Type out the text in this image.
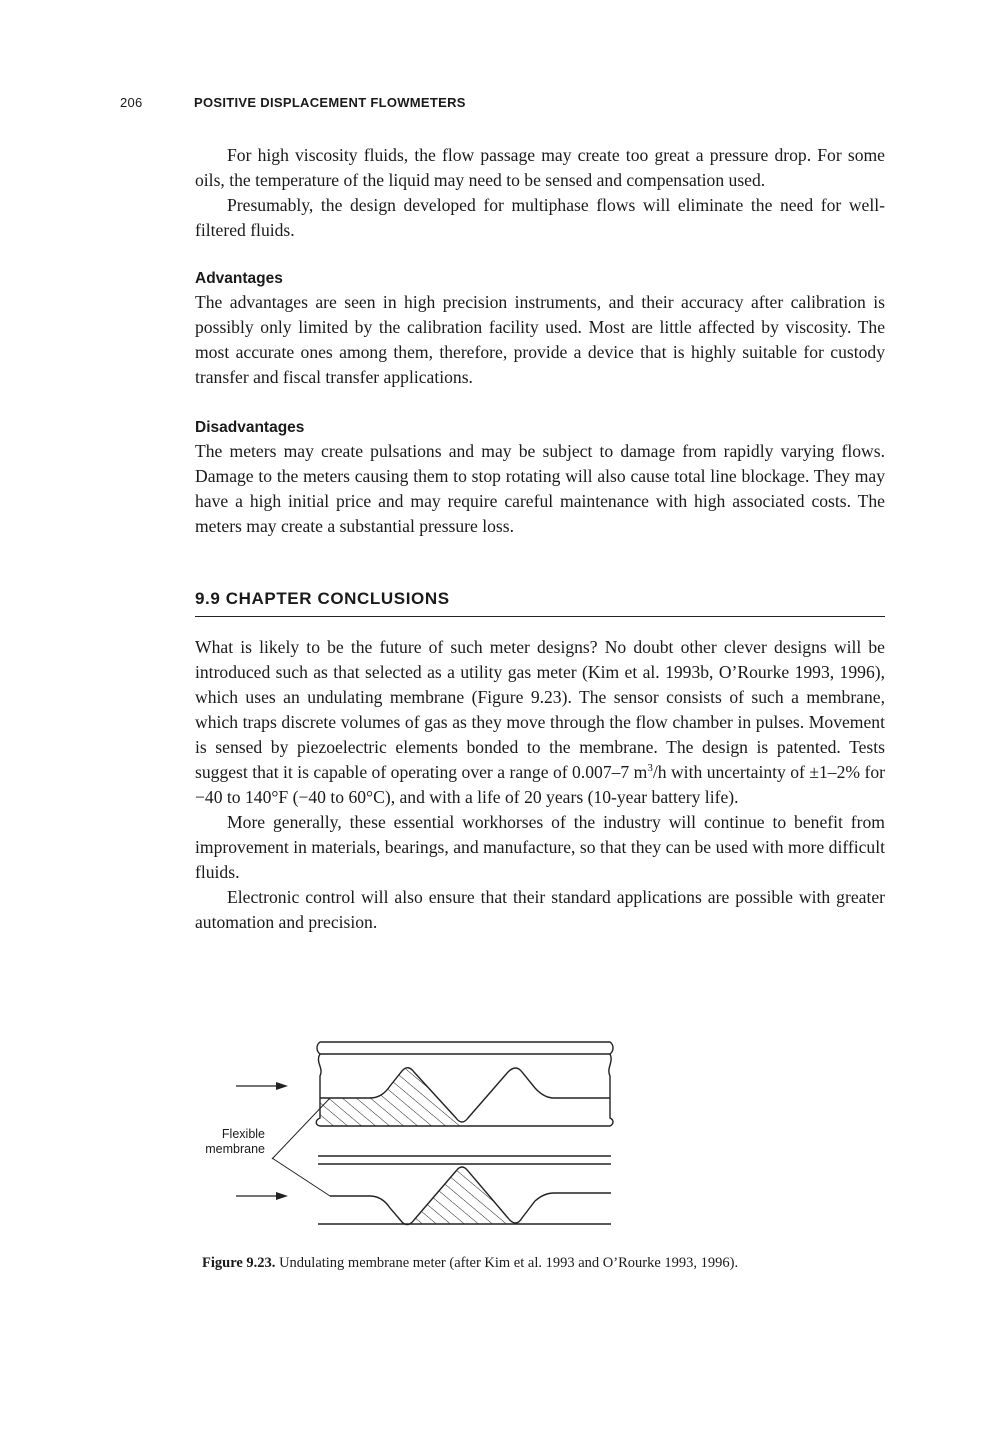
206	POSITIVE DISPLACEMENT FLOWMETERS

For high viscosity fluids, the flow passage may create too great a pressure drop. For some oils, the temperature of the liquid may need to be sensed and compensation used.

Presumably, the design developed for multiphase flows will eliminate the need for well-filtered fluids.

Advantages

The advantages are seen in high precision instruments, and their accuracy after calibration is possibly only limited by the calibration facility used. Most are little affected by viscosity. The most accurate ones among them, therefore, provide a device that is highly suitable for custody transfer and fiscal transfer applications.

Disadvantages

The meters may create pulsations and may be subject to damage from rapidly varying flows. Damage to the meters causing them to stop rotating will also cause total line blockage. They may have a high initial price and may require careful maintenance with high associated costs. The meters may create a substantial pressure loss.

9.9 CHAPTER CONCLUSIONS

What is likely to be the future of such meter designs? No doubt other clever designs will be introduced such as that selected as a utility gas meter (Kim et al. 1993b, O’Rourke 1993, 1996), which uses an undulating membrane (Figure 9.23). The sensor consists of such a membrane, which traps discrete volumes of gas as they move through the flow chamber in pulses. Movement is sensed by piezoelectric elements bonded to the membrane. The design is patented. Tests suggest that it is capable of operating over a range of 0.007–7 $m^3/h$ with uncertainty of ±1–2% for −40 to 140°F (−40 to 60°C), and with a life of 20 years (10-year battery life).

More generally, these essential workhorses of the industry will continue to benefit from improvement in materials, bearings, and manufacture, so that they can be used with more difficult fluids.

Electronic control will also ensure that their standard applications are possible with greater automation and precision.

Flexible
membrane
Figure 9.23. Undulating membrane meter (after Kim et al. 1993 and O’Rourke 1993, 1996).
